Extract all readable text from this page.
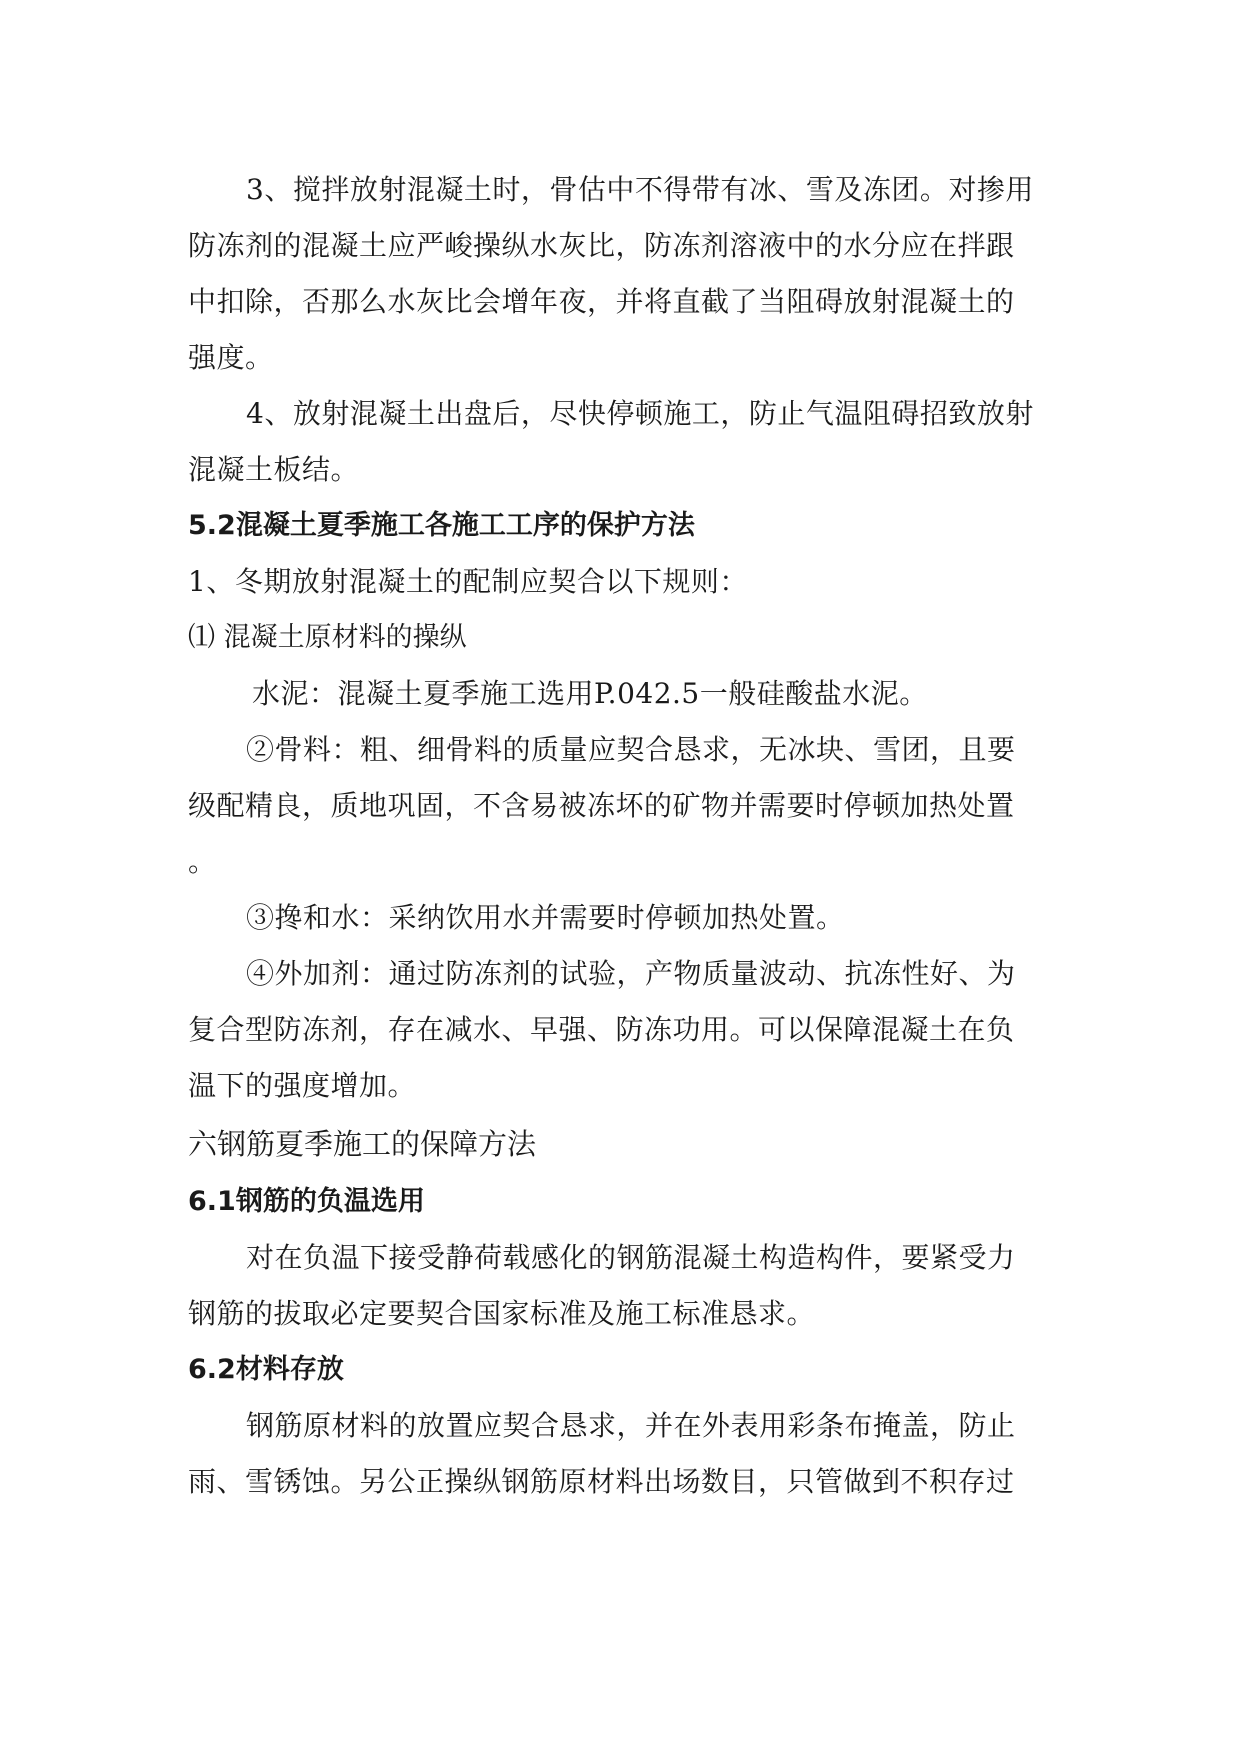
3、搅拌放射混凝土时，骨估中不得带有冰、雪及冻团。对掺用
防冻剂的混凝土应严峻操纵水灰比，防冻剂溶液中的水分应在拌跟
中扣除，否那么水灰比会增年夜，并将直截了当阻碍放射混凝土的
强度。
4、放射混凝土出盘后，尽快停顿施工，防止气温阻碍招致放射
混凝土板结。
5.2混凝土夏季施工各施工工序的保护方法
1、冬期放射混凝土的配制应契合以下规则：
⑴ 混凝土原材料的操纵
水泥：混凝土夏季施工选用P.042.5一般硅酸盐水泥。
②骨料：粗、细骨料的质量应契合恳求，无冰块、雪团，且要
级配精良，质地巩固，不含易被冻坏的矿物并需要时停顿加热处置
。
③搀和水：采纳饮用水并需要时停顿加热处置。
④外加剂：通过防冻剂的试验，产物质量波动、抗冻性好、为
复合型防冻剂，存在减水、早强、防冻功用。可以保障混凝土在负
温下的强度增加。
六钢筋夏季施工的保障方法
6.1钢筋的负温选用
对在负温下接受静荷载感化的钢筋混凝土构造构件，要紧受力
钢筋的拔取必定要契合国家标准及施工标准恳求。
6.2材料存放
钢筋原材料的放置应契合恳求，并在外表用彩条布掩盖，防止
雨、雪锈蚀。另公正操纵钢筋原材料出场数目，只管做到不积存过
